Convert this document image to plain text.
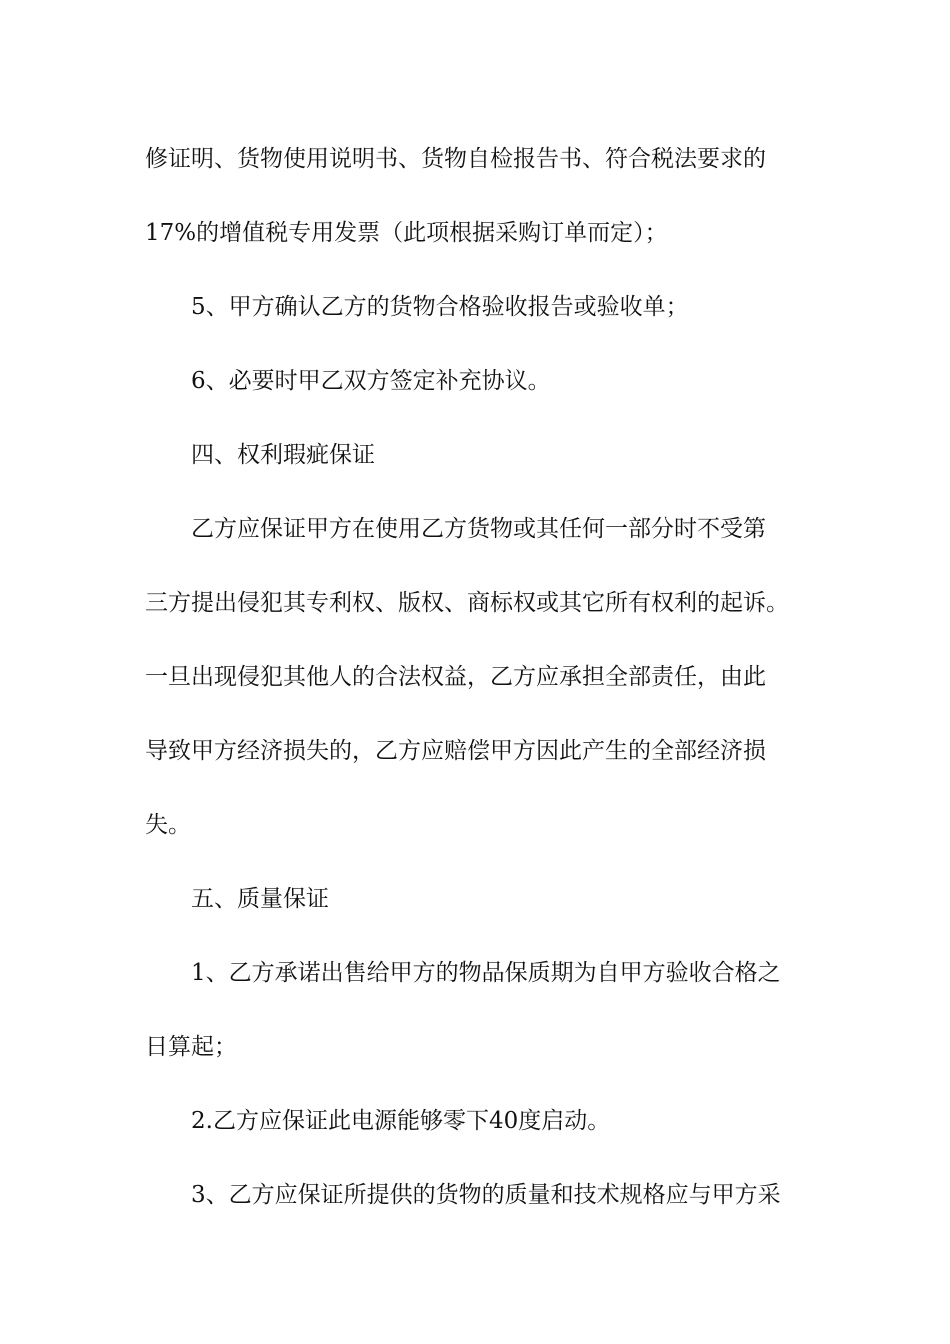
修证明、货物使用说明书、货物自检报告书、符合税法要求的
17%的增值税专用发票（此项根据采购订单而定）；
5、甲方确认乙方的货物合格验收报告或验收单；
6、必要时甲乙双方签定补充协议。
四、权利瑕疵保证
乙方应保证甲方在使用乙方货物或其任何一部分时不受第
三方提出侵犯其专利权、版权、商标权或其它所有权利的起诉。
一旦出现侵犯其他人的合法权益，乙方应承担全部责任，由此
导致甲方经济损失的，乙方应赔偿甲方因此产生的全部经济损
失。
五、质量保证
1、乙方承诺出售给甲方的物品保质期为自甲方验收合格之
日算起；
2.乙方应保证此电源能够零下40度启动。
3、乙方应保证所提供的货物的质量和技术规格应与甲方采
